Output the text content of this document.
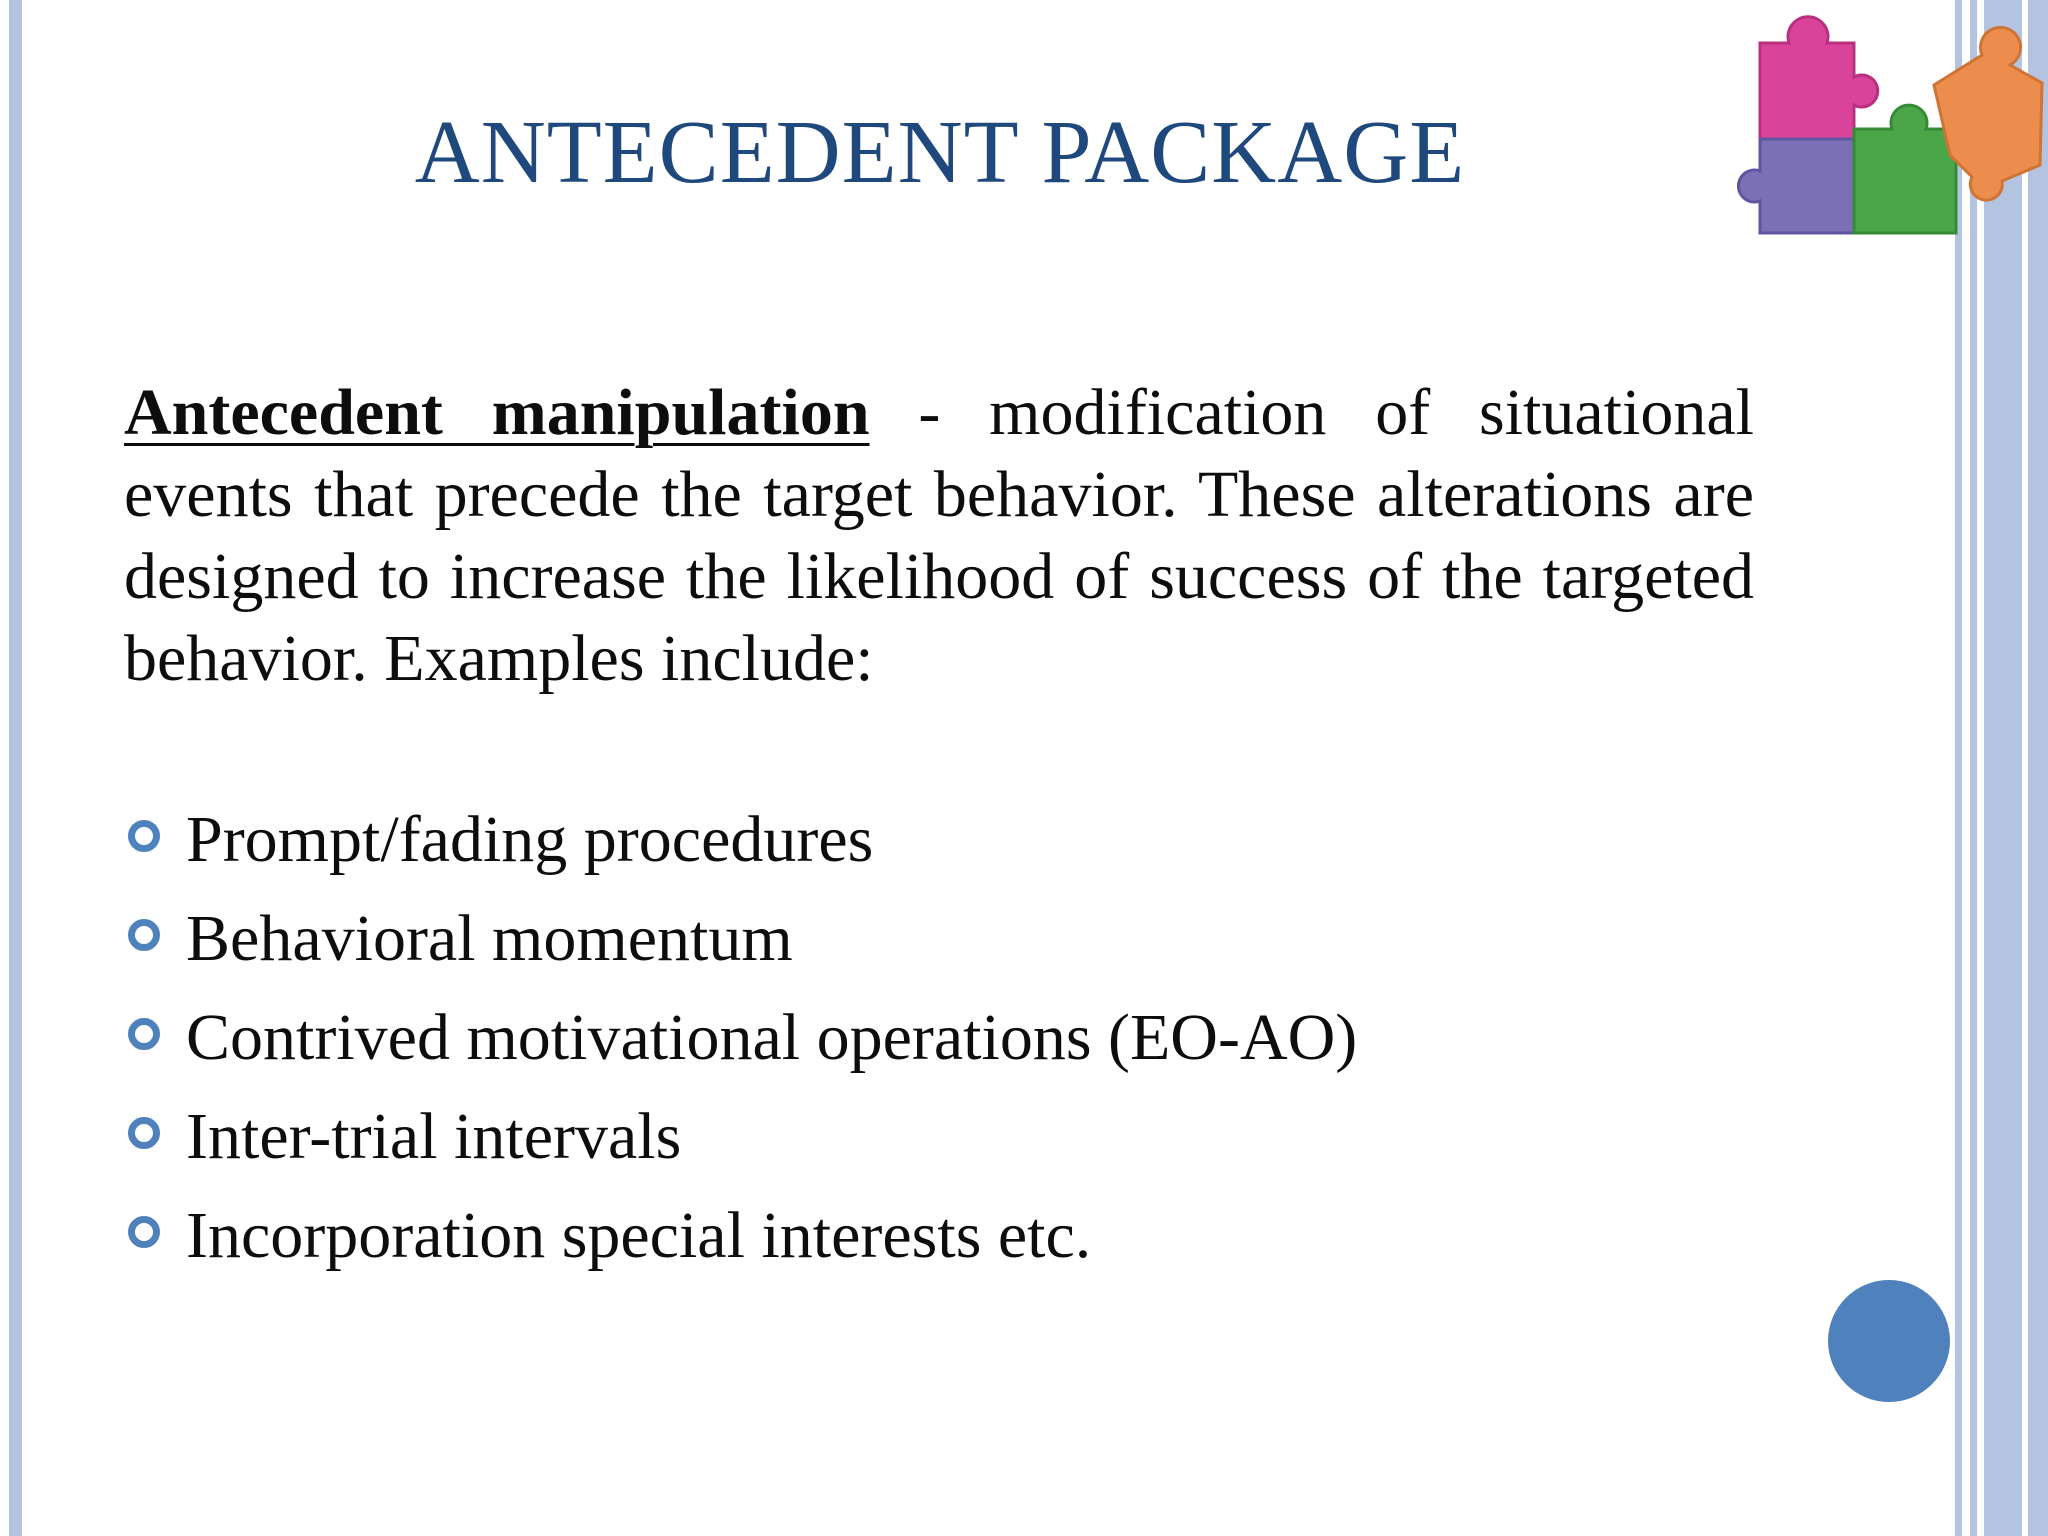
ANTECEDENT PACKAGE
Antecedent manipulation - modification of situational events that precede the target behavior. These alterations are designed to increase the likelihood of success of the targeted behavior. Examples include:
Prompt/fading procedures
Behavioral momentum
Contrived motivational operations (EO-AO)
Inter-trial intervals
Incorporation special interests etc.
